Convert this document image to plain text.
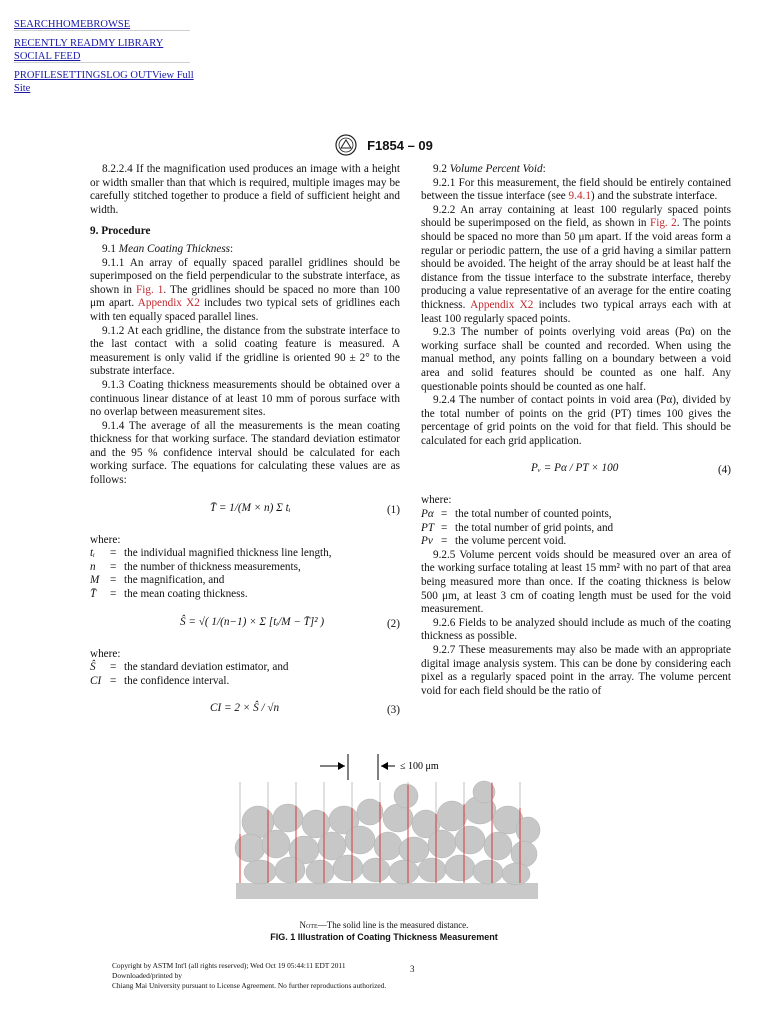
SEARCHHOMEBROWSE
RECENTLY READMY LIBRARY
SOCIAL FEED
PROFILESETTINGSLOG OUTView Full Site
F1854 – 09

8.2.2.4 If the magnification used produces an image with a height or width smaller than that which is required, multiple images may be carefully stitched together to produce a field of sufficient height and width.

9. Procedure

9.1 Mean Coating Thickness:

9.1.1 An array of equally spaced parallel gridlines should be superimposed on the field perpendicular to the substrate interface, as shown in Fig. 1. The gridlines should be spaced no more than 100 μm apart. Appendix X2 includes two typical sets of gridlines each with ten equally spaced parallel lines.

9.1.2 At each gridline, the distance from the substrate interface to the last contact with a solid coating feature is measured. A measurement is only valid if the gridline is oriented 90 ± 2° to the substrate interface.

9.1.3 Coating thickness measurements should be obtained over a continuous linear distance of at least 10 mm of porous surface with no overlap between measurement sites.

9.1.4 The average of all the measurements is the mean coating thickness for that working surface. The standard deviation estimator and the 95 % confidence interval should be calculated for each working surface. The equations for calculating these values are as follows:

T̄ = 1/(M × n) Σ tᵢ	(1)

where:

tᵢ	= the individual magnified thickness line length,
n	= the number of thickness measurements,
M = the magnification, and
T̄	= the mean coating thickness.
Ŝ = √( 1/(n−1) × Σ [tᵢ/M − T̄]² )	(2)

where:

Ŝ	= the standard deviation estimator, and
CI = the confidence interval.
CI = 2 × Ŝ / √n	(3)

9.2 Volume Percent Void:

9.2.1 For this measurement, the field should be entirely contained between the tissue interface (see 9.4.1) and the substrate interface.

9.2.2 An array containing at least 100 regularly spaced points should be superimposed on the field, as shown in Fig. 2. The points should be spaced no more than 50 μm apart. If the void areas form a regular or periodic pattern, the use of a grid having a similar pattern should be avoided. The height of the array should be at least half the distance from the tissue interface to the substrate interface, thereby producing a value representative of an average for the entire coating thickness. Appendix X2 includes two typical arrays each with at least 100 regularly spaced points.

9.2.3 The number of points overlying void areas (Pα) on the working surface shall be counted and recorded. When using the manual method, any points falling on a boundary between a void area and solid features should be counted as one half. Any questionable points should be counted as one half.

9.2.4 The number of contact points in void area (Pα), divided by the total number of points on the grid (PT) times 100 gives the percentage of grid points on the void for that field. This should be calculated for each grid application.

Pᵥ = Pα / PT × 100	(4)

where:

Pα = the total number of counted points,
PT = the total number of grid points, and
Pv = the volume percent void.

9.2.5 Volume percent voids should be measured over an area of the working surface totaling at least 15 mm² with no part of that area being measured more than once. If the coating thickness is below 500 μm, at least 3 cm of coating length must be used for the void measurement.

9.2.6 Fields to be analyzed should include as much of the coating thickness as possible.

9.2.7 These measurements may also be made with an appropriate digital image analysis system. This can be done by considering each pixel as a regularly spaced point in the array. The volume percent void for each field should be the ratio of

≤ 100 μm
Note—The solid line is the measured distance.
FIG. 1 Illustration of Coating Thickness Measurement
Copyright by ASTM Int'l (all rights reserved); Wed Oct 19 05:44:11 EDT 2011
Downloaded/printed by
Chiang Mai University pursuant to License Agreement. No further reproductions authorized.
3
